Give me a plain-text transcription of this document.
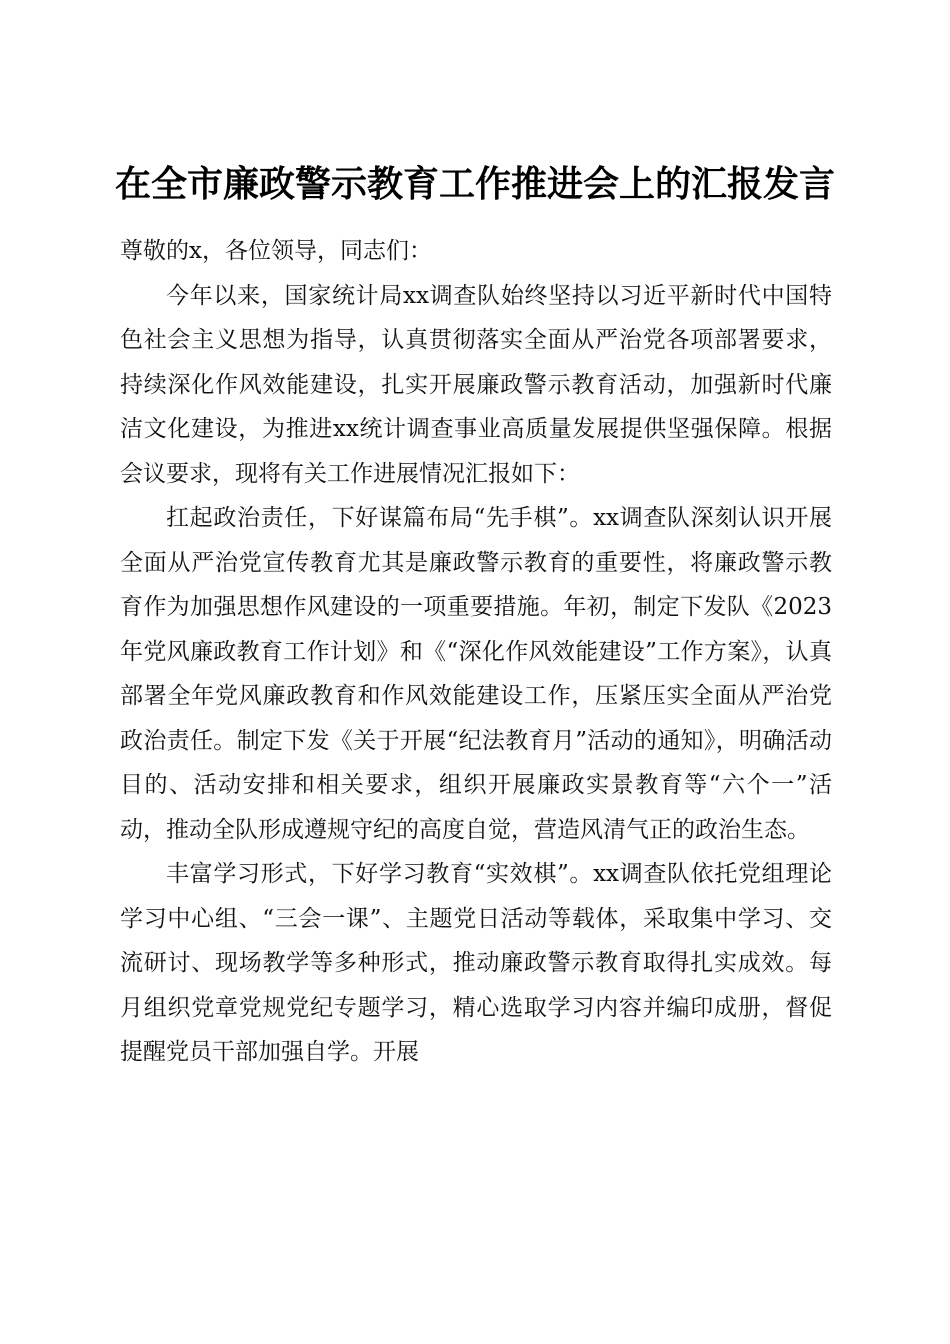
在全市廉政警示教育工作推进会上的汇报发言

尊敬的x，各位领导，同志们：

今年以来，国家统计局xx调查队始终坚持以习近平新时代中国特色社会主义思想为指导，认真贯彻落实全面从严治党各项部署要求，持续深化作风效能建设，扎实开展廉政警示教育活动，加强新时代廉洁文化建设，为推进xx统计调查事业高质量发展提供坚强保障。根据会议要求，现将有关工作进展情况汇报如下：

扛起政治责任，下好谋篇布局“先手棋”。xx调查队深刻认识开展全面从严治党宣传教育尤其是廉政警示教育的重要性，将廉政警示教育作为加强思想作风建设的一项重要措施。年初，制定下发队《2023年党风廉政教育工作计划》和《“深化作风效能建设”工作方案》，认真部署全年党风廉政教育和作风效能建设工作，压紧压实全面从严治党政治责任。制定下发《关于开展“纪法教育月”活动的通知》，明确活动目的、活动安排和相关要求，组织开展廉政实景教育等“六个一”活动，推动全队形成遵规守纪的高度自觉，营造风清气正的政治生态。

丰富学习形式，下好学习教育“实效棋”。xx调查队依托党组理论学习中心组、“三会一课”、主题党日活动等载体，采取集中学习、交流研讨、现场教学等多种形式，推动廉政警示教育取得扎实成效。每月组织党章党规党纪专题学习，精心选取学习内容并编印成册，督促提醒党员干部加强自学。开展
